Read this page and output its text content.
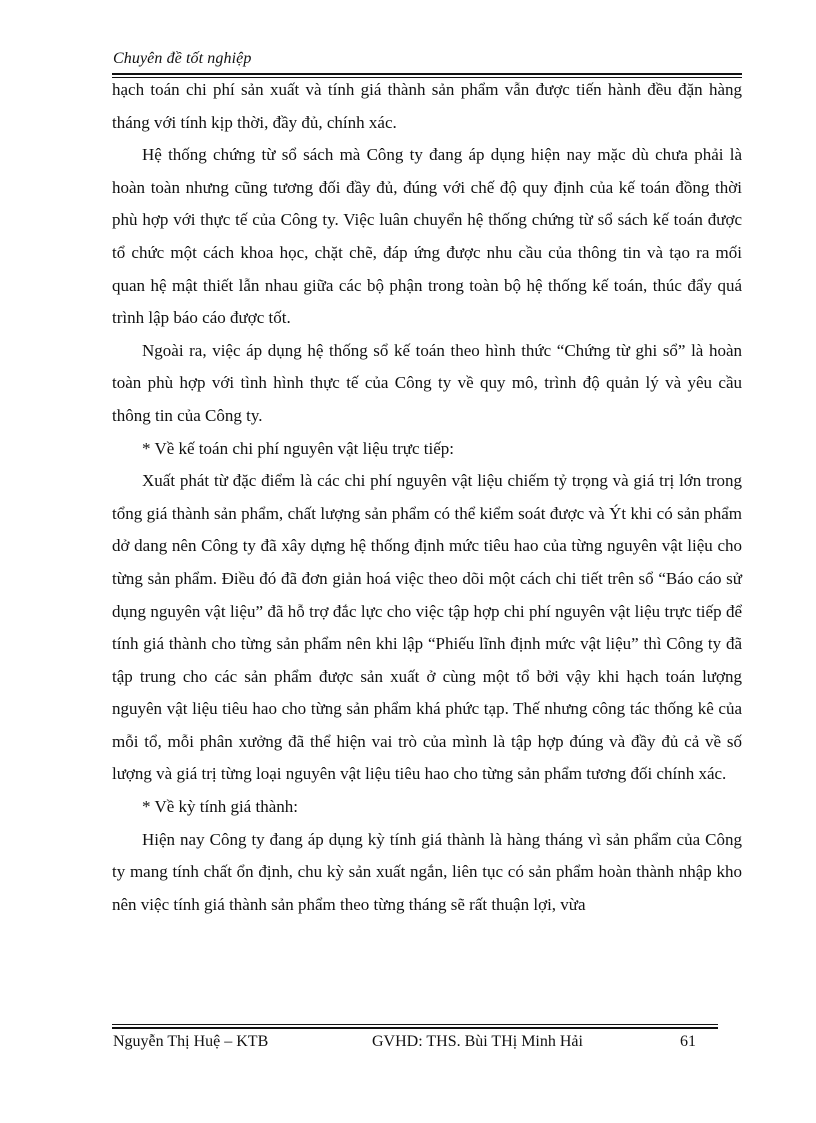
Chuyên đề tốt nghiệp

hạch toán chi phí sản xuất và tính giá thành sản phẩm vẫn được tiến hành đều đặn hàng tháng với tính kịp thời, đầy đủ, chính xác.

Hệ thống chứng từ sổ sách mà Công ty đang áp dụng hiện nay mặc dù chưa phải là hoàn toàn nhưng cũng tương đối đầy đủ, đúng với chế độ quy định của kế toán đồng thời phù hợp với thực tế của Công ty. Việc luân chuyển hệ thống chứng từ sổ sách kế toán được tổ chức một cách khoa học, chặt chẽ, đáp ứng được nhu cầu của thông tin và tạo ra mối quan hệ mật thiết lẫn nhau giữa các bộ phận trong toàn bộ hệ thống kế toán, thúc đẩy quá trình lập báo cáo được tốt.

Ngoài ra, việc áp dụng hệ thống sổ kế toán theo hình thức “Chứng từ ghi sổ” là hoàn toàn phù hợp với tình hình thực tế của Công ty về quy mô, trình độ quản lý và yêu cầu thông tin của Công ty.

* Về kế toán chi phí nguyên vật liệu trực tiếp:

Xuất phát từ đặc điểm là các chi phí nguyên vật liệu chiếm tỷ trọng và giá trị lớn trong tổng giá thành sản phẩm, chất lượng sản phẩm có thể kiểm soát được và Ýt khi có sản phẩm dở dang nên Công ty đã xây dựng hệ thống định mức tiêu hao của từng nguyên vật liệu cho từng sản phẩm. Điều đó đã đơn giản hoá việc theo dõi một cách chi tiết trên sổ “Báo cáo sử dụng nguyên vật liệu” đã hỗ trợ đắc lực cho việc tập hợp chi phí nguyên vật liệu trực tiếp để tính giá thành cho từng sản phẩm nên khi lập “Phiếu lĩnh định mức vật liệu” thì Công ty đã tập trung cho các sản phẩm được sản xuất ở cùng một tổ bởi vậy khi hạch toán lượng nguyên vật liệu tiêu hao cho từng sản phẩm khá phức tạp. Thế nhưng công tác thống kê của mỗi tổ, mỗi phân xưởng đã thể hiện vai trò của mình là tập hợp đúng và đầy đủ cả về số lượng và giá trị từng loại nguyên vật liệu tiêu hao cho từng sản phẩm tương đối chính xác.

* Về kỳ tính giá thành:

Hiện nay Công ty đang áp dụng kỳ tính giá thành là hàng tháng vì sản phẩm của Công ty mang tính chất ổn định, chu kỳ sản xuất ngắn, liên tục có sản phẩm hoàn thành nhập kho nên việc tính giá thành sản phẩm theo từng tháng sẽ rất thuận lợi, vừa

Nguyễn Thị Huệ – KTB	GVHD: THS. Bùi THị Minh Hải	61
